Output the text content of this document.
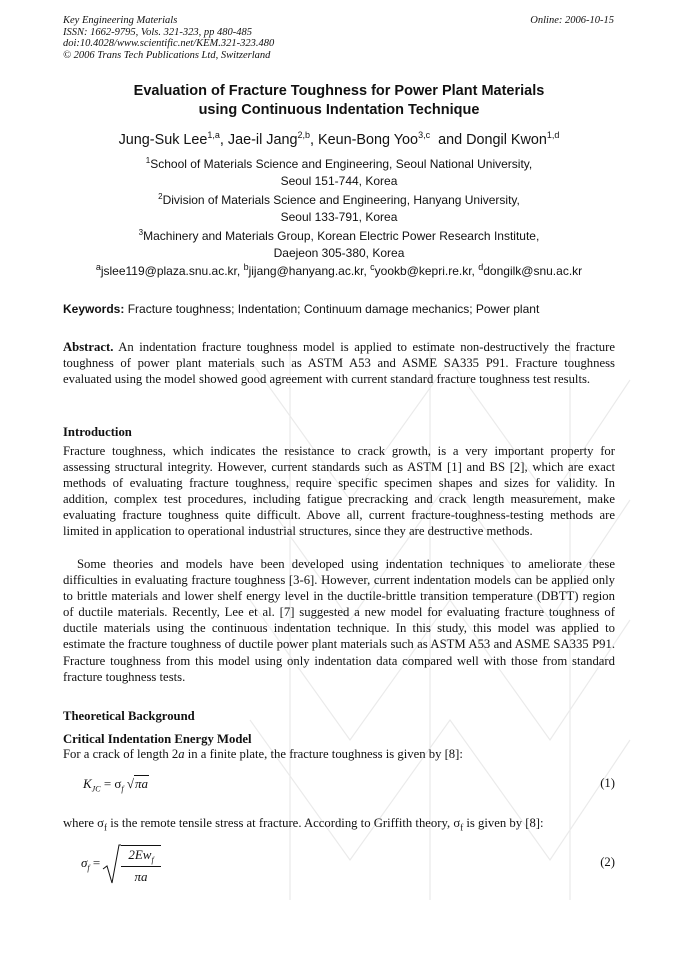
Key Engineering Materials
ISSN: 1662-9795, Vols. 321-323, pp 480-485
doi:10.4028/www.scientific.net/KEM.321-323.480
© 2006 Trans Tech Publications Ltd, Switzerland
Online: 2006-10-15
Evaluation of Fracture Toughness for Power Plant Materials
using Continuous Indentation Technique
Jung-Suk Lee$^{1,a}$, Jae-il Jang$^{2,b}$, Keun-Bong Yoo$^{3,c}$  and Dongil Kwon$^{1,d}$
$^1$School of Materials Science and Engineering, Seoul National University,
Seoul 151-744, Korea
$^2$Division of Materials Science and Engineering, Hanyang University,
Seoul 133-791, Korea
$^3$Machinery and Materials Group, Korean Electric Power Research Institute,
Daejeon 305-380, Korea
$^a$jslee119@plaza.snu.ac.kr, $^b$jijang@hanyang.ac.kr, $^c$yookb@kepri.re.kr, $^d$dongilk@snu.ac.kr
Keywords: Fracture toughness; Indentation; Continuum damage mechanics; Power plant
Abstract. An indentation fracture toughness model is applied to estimate non-destructively the fracture toughness of power plant materials such as ASTM A53 and ASME SA335 P91. Fracture toughness evaluated using the model showed good agreement with current standard fracture toughness test results.
Introduction
Fracture toughness, which indicates the resistance to crack growth, is a very important property for assessing structural integrity. However, current standards such as ASTM [1] and BS [2], which are exact methods of evaluating fracture toughness, require specific specimen shapes and sizes for validity. In addition, complex test procedures, including fatigue precracking and crack length measurement, make evaluating fracture toughness quite difficult. Above all, current fracture-toughness-testing methods are limited in application to operational industrial structures, since they are destructive methods.
Some theories and models have been developed using indentation techniques to ameliorate these difficulties in evaluating fracture toughness [3-6]. However, current indentation models can be applied only to brittle materials and lower shelf energy level in the ductile-brittle transition temperature (DBTT) region of ductile materials. Recently, Lee et al. [7] suggested a new model for evaluating fracture toughness of ductile materials using the continuous indentation technique. In this study, this model was applied to estimate the fracture toughness of ductile power plant materials such as ASTM A53 and ASME SA335 P91. Fracture toughness from this model using only indentation data compared well with those from standard fracture toughness tests.
Theoretical Background
Critical Indentation Energy Model
For a crack of length 2a in a finite plate, the fracture toughness is given by [8]:
$K_{JC} = \sigma_f$ √πa	(1)
where $\sigma_f$ is the remote tensile stress at fracture. According to Griffith theory, $\sigma_f$ is given by [8]:
$\sigma_f$ =
$2Ew_f$
πa
(2)
